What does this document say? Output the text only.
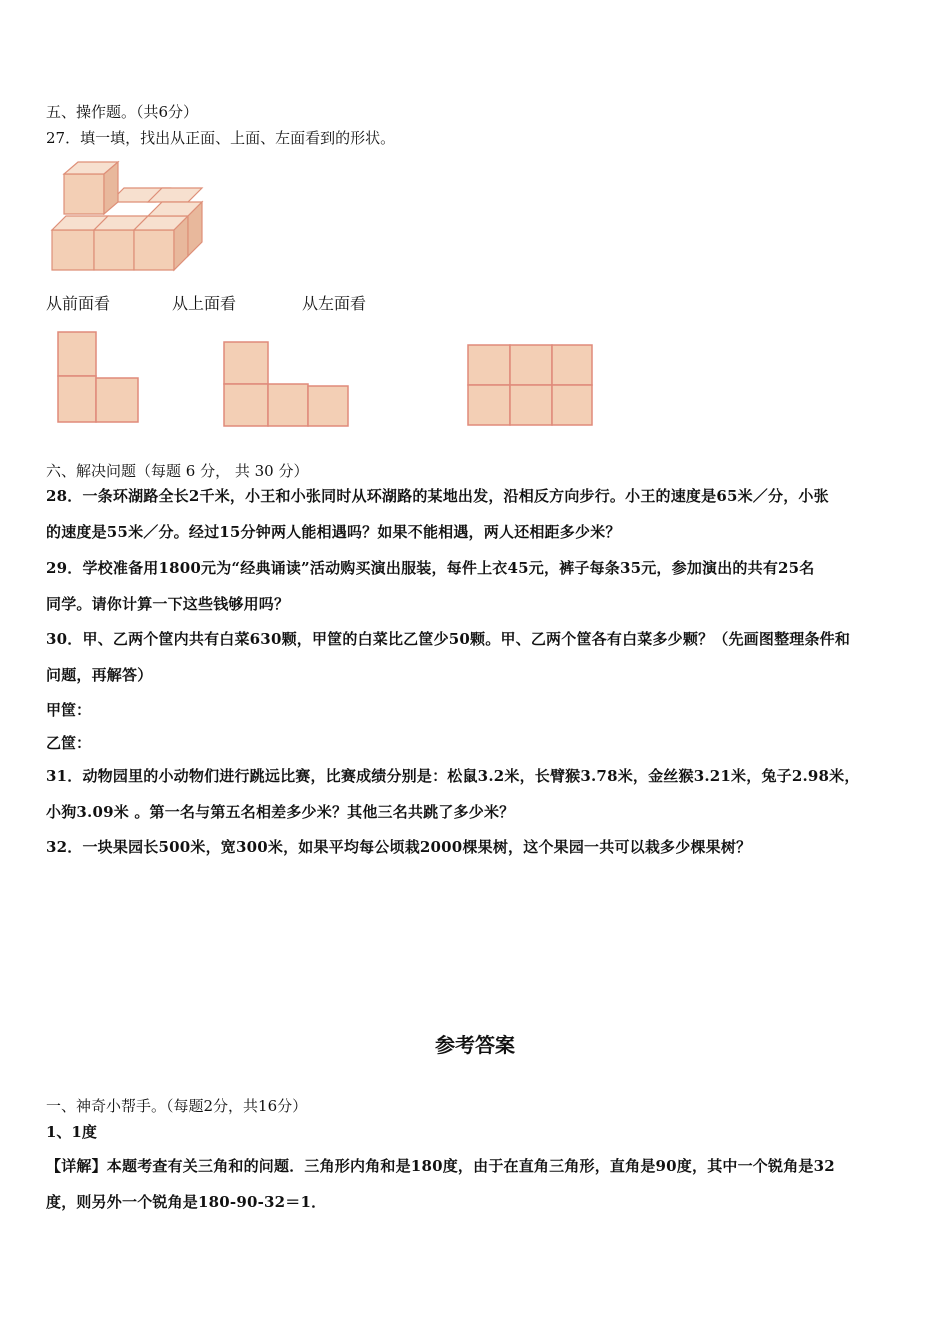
五、操作题。（共6分）
27．填一填，找出从正面、上面、左面看到的形状。
从前面看	从上面看	从左面看
六、解决问题（每题 6 分， 共 30 分）
28．一条环湖路全长2千米，小王和小张同时从环湖路的某地出发，沿相反方向步行。小王的速度是65米／分，小张
的速度是55米／分。经过15分钟两人能相遇吗？如果不能相遇，两人还相距多少米？
29．学校准备用1800元为“经典诵读”活动购买演出服装，每件上衣45元，裤子每条35元，参加演出的共有25名
同学。请你计算一下这些钱够用吗？
30．甲、乙两个筐内共有白菜630颗，甲筐的白菜比乙筐少50颗。甲、乙两个筐各有白菜多少颗？（先画图整理条件和
问题，再解答）
甲筐：
乙筐：
31．动物园里的小动物们进行跳远比赛，比赛成绩分别是：松鼠3.2米，长臂猴3.78米，金丝猴3.21米，兔子2.98米，
小狗3.09米 。第一名与第五名相差多少米？其他三名共跳了多少米？
32．一块果园长500米，宽300米，如果平均每公顷栽2000棵果树，这个果园一共可以栽多少棵果树？
参考答案
一、神奇小帮手。（每题2分，共16分）
1、1度
【详解】本题考查有关三角和的问题．三角形内角和是180度，由于在直角三角形，直角是90度，其中一个锐角是32
度，则另外一个锐角是180-90-32＝1．
